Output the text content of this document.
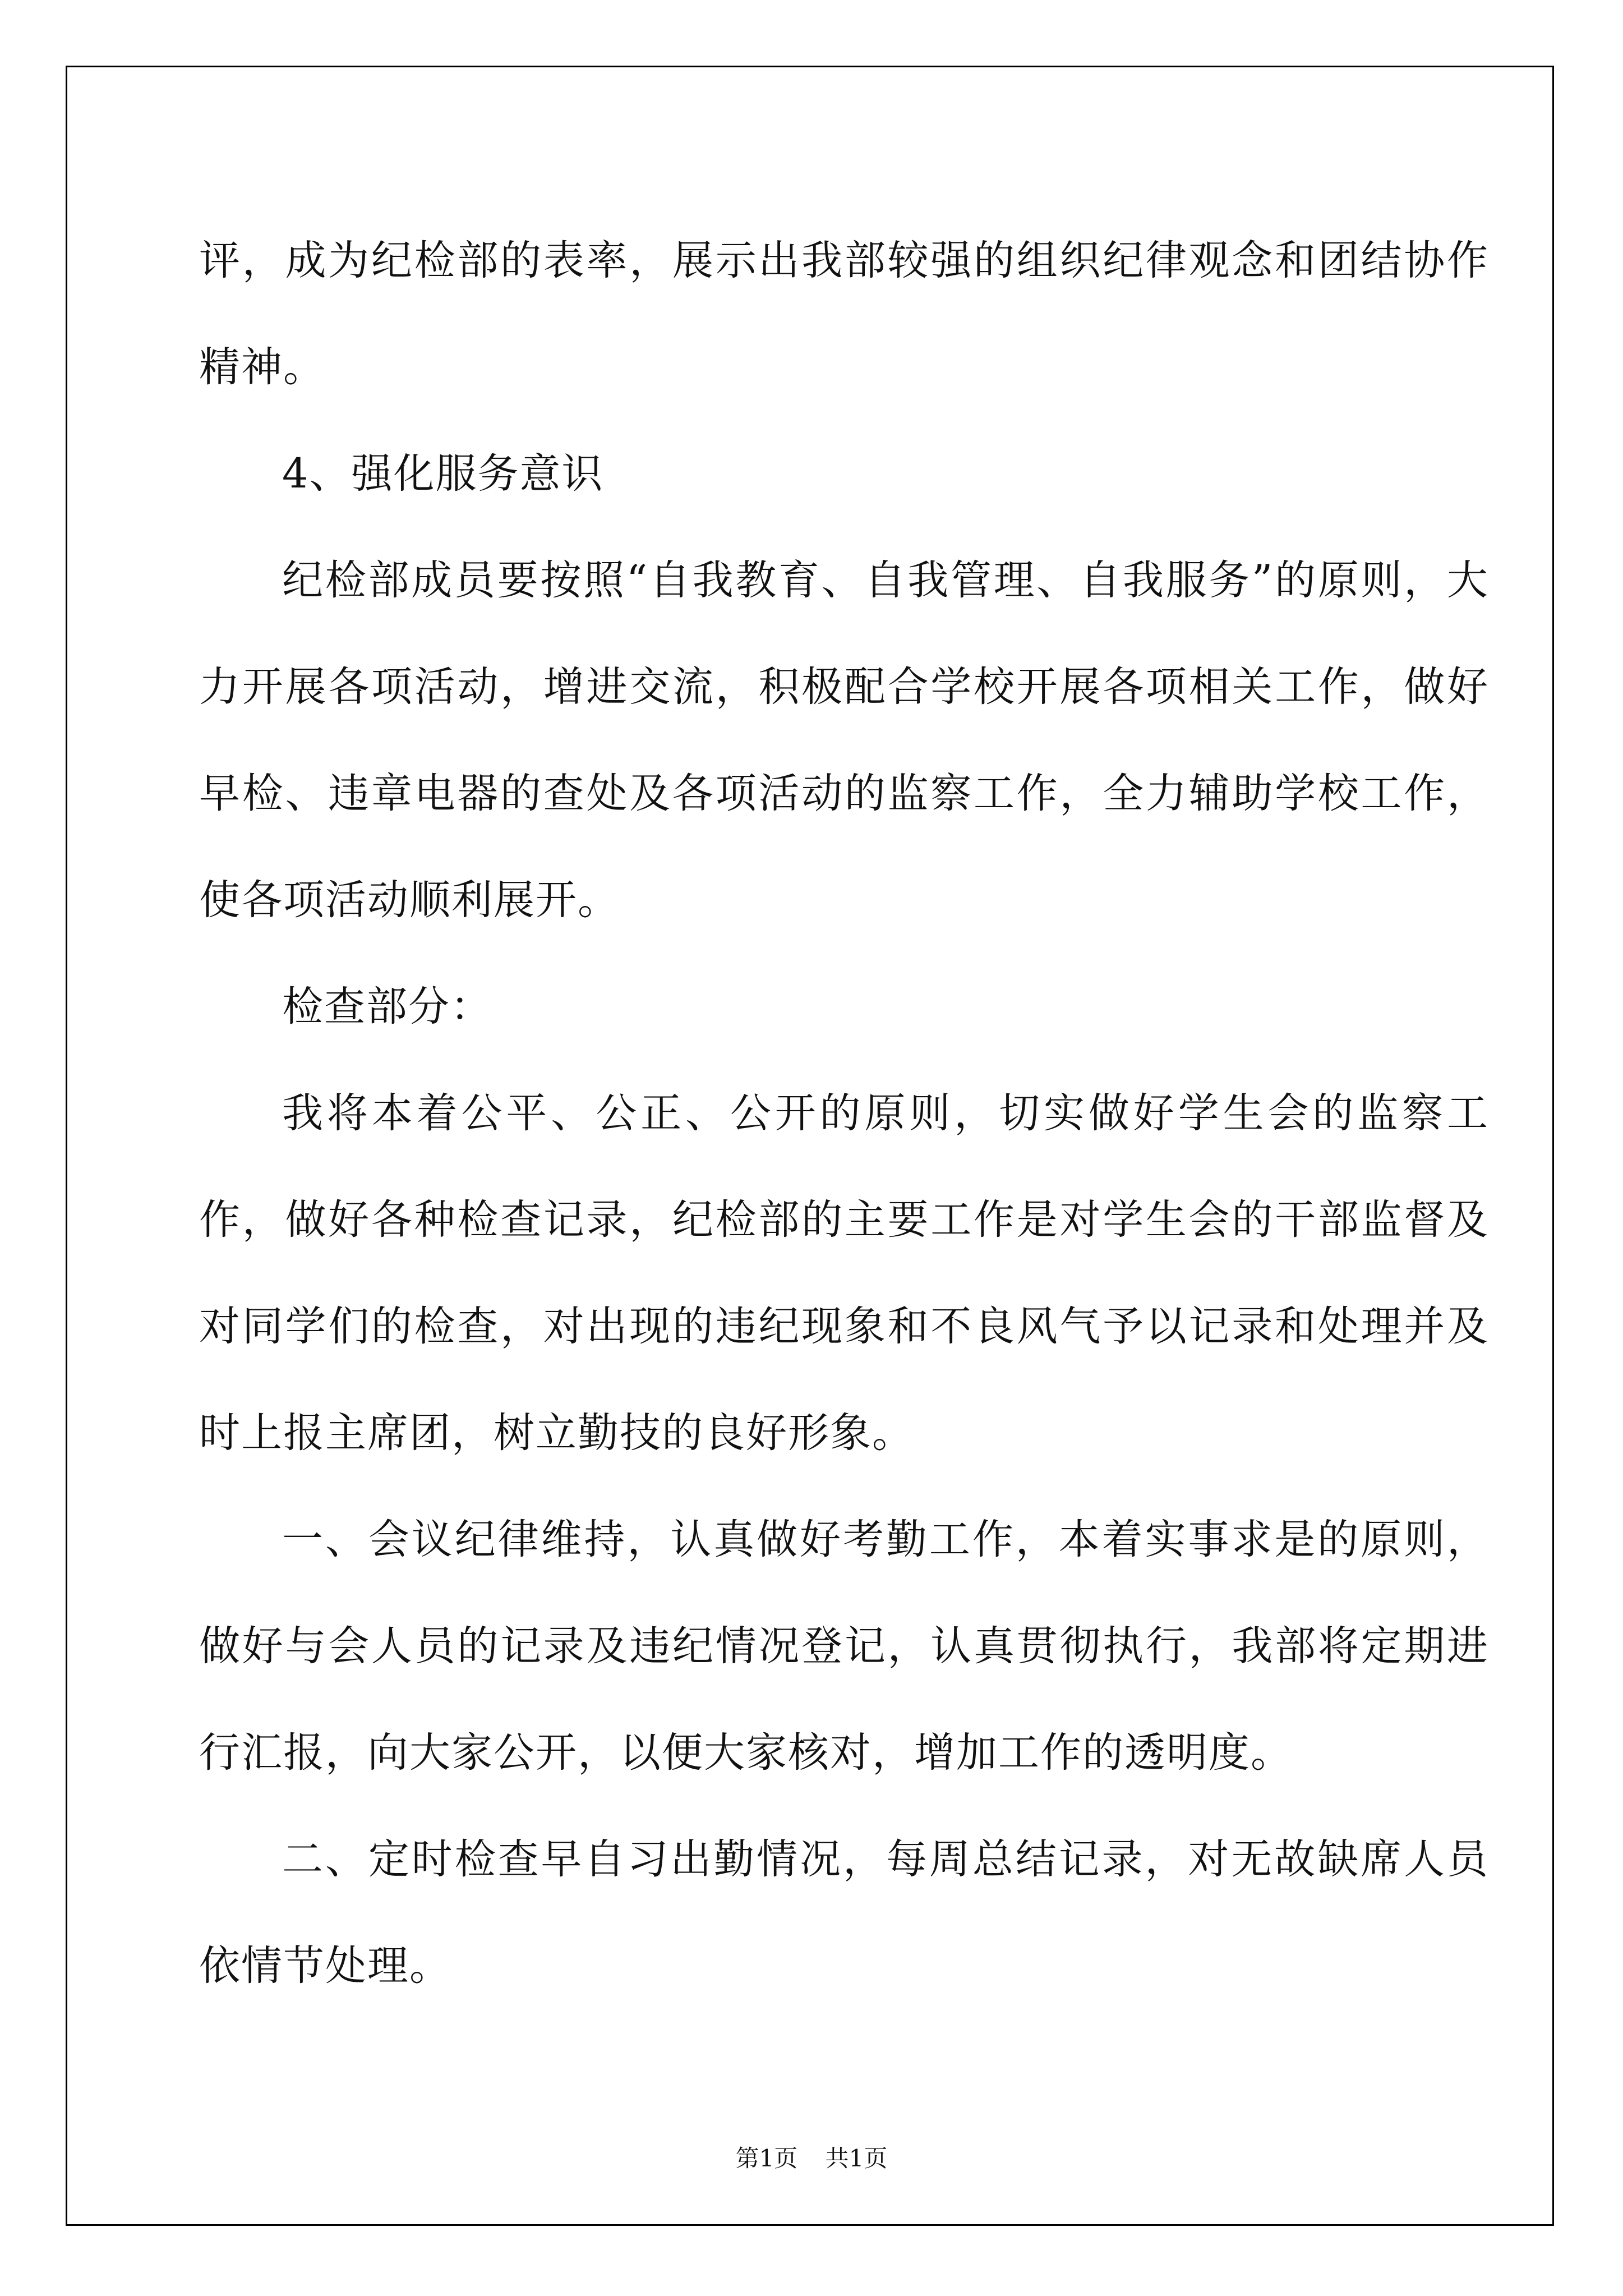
评，成为纪检部的表率，展示出我部较强的组织纪律观念和团结协作精神。

4、强化服务意识

纪检部成员要按照“自我教育、自我管理、自我服务”的原则，大力开展各项活动，增进交流，积极配合学校开展各项相关工作，做好早检、违章电器的查处及各项活动的监察工作，全力辅助学校工作，使各项活动顺利展开。

检查部分：

我将本着公平、公正、公开的原则，切实做好学生会的监察工作，做好各种检查记录，纪检部的主要工作是对学生会的干部监督及对同学们的检查，对出现的违纪现象和不良风气予以记录和处理并及时上报主席团，树立勤技的良好形象。

一、会议纪律维持，认真做好考勤工作，本着实事求是的原则，做好与会人员的记录及违纪情况登记，认真贯彻执行，我部将定期进行汇报，向大家公开，以便大家核对，增加工作的透明度。

二、定时检查早自习出勤情况，每周总结记录，对无故缺席人员依情节处理。

第1页 共1页
